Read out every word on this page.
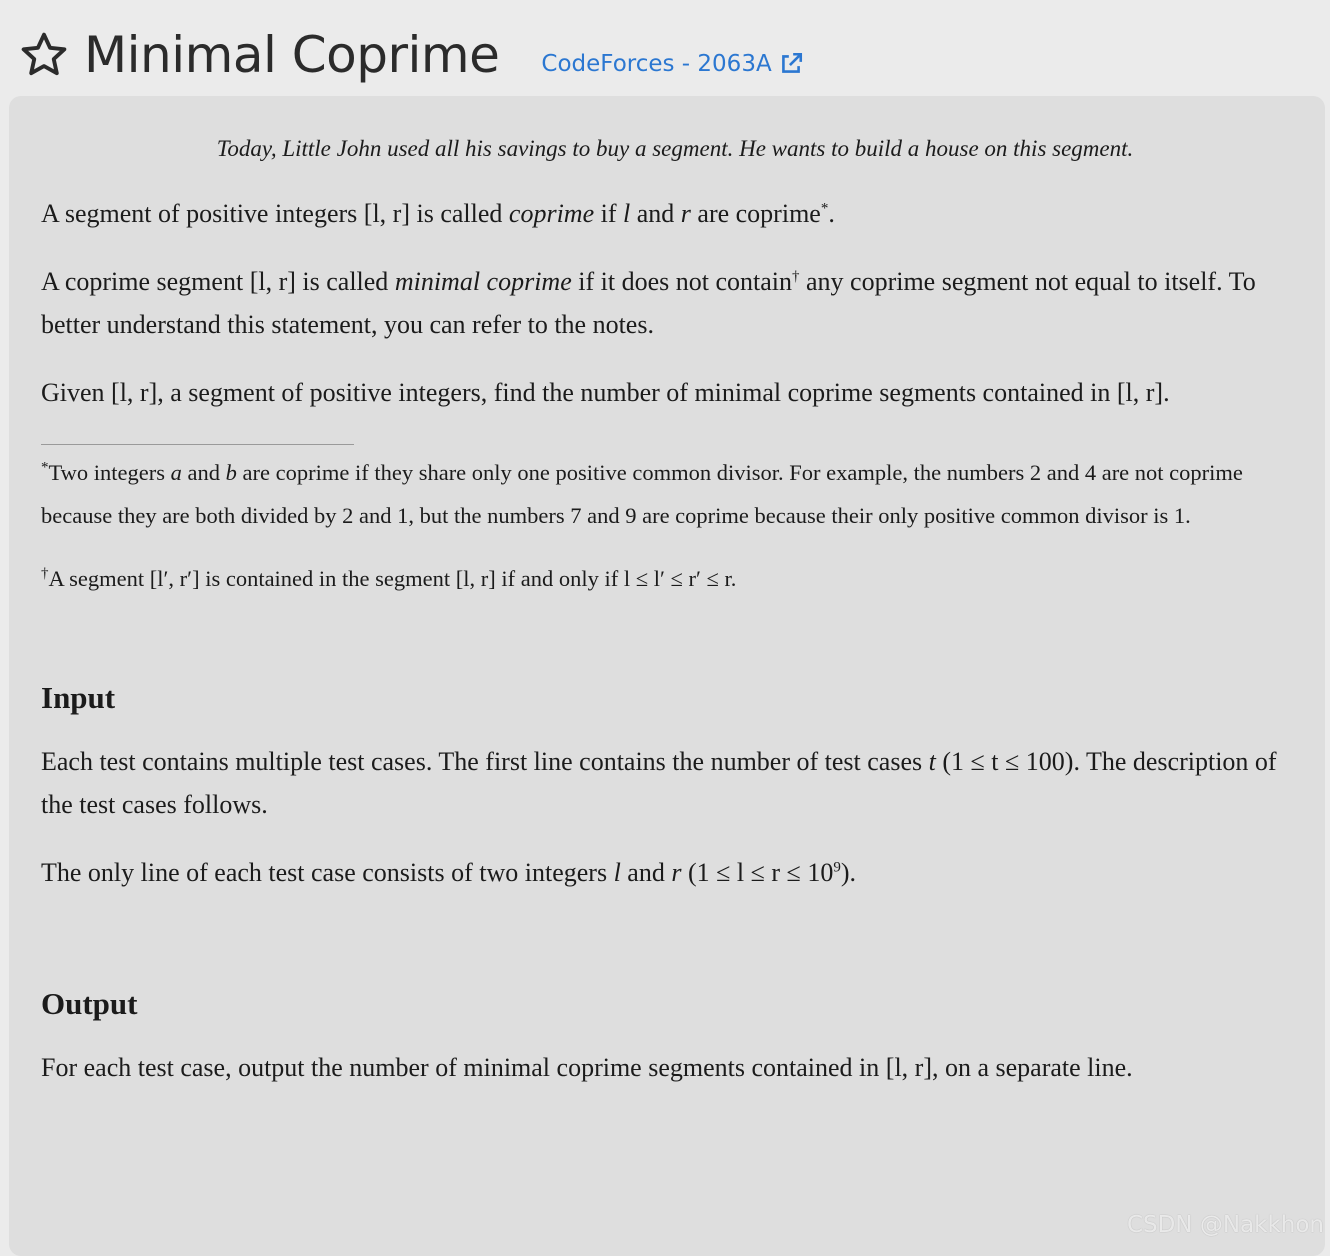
Minimal Coprime CodeForces - 2063A
Today, Little John used all his savings to buy a segment. He wants to build a house on this segment.

A segment of positive integers [l, r] is called coprime if l and r are coprime*.

A coprime segment [l, r] is called minimal coprime if it does not contain† any coprime segment not equal to itself. To better understand this statement, you can refer to the notes.

Given [l, r], a segment of positive integers, find the number of minimal coprime segments contained in [l, r].

*Two integers a and b are coprime if they share only one positive common divisor. For example, the numbers 2 and 4 are not coprime because they are both divided by 2 and 1, but the numbers 7 and 9 are coprime because their only positive common divisor is 1.

†A segment [l′, r′] is contained in the segment [l, r] if and only if l ≤ l′ ≤ r′ ≤ r.

Input

Each test contains multiple test cases. The first line contains the number of test cases t (1 ≤ t ≤ 100). The description of the test cases follows.

The only line of each test case consists of two integers l and r $(1 \le l \le r \le 10^9)$.

Output

For each test case, output the number of minimal coprime segments contained in [l, r], on a separate line.

CSDN @Nakkhon
